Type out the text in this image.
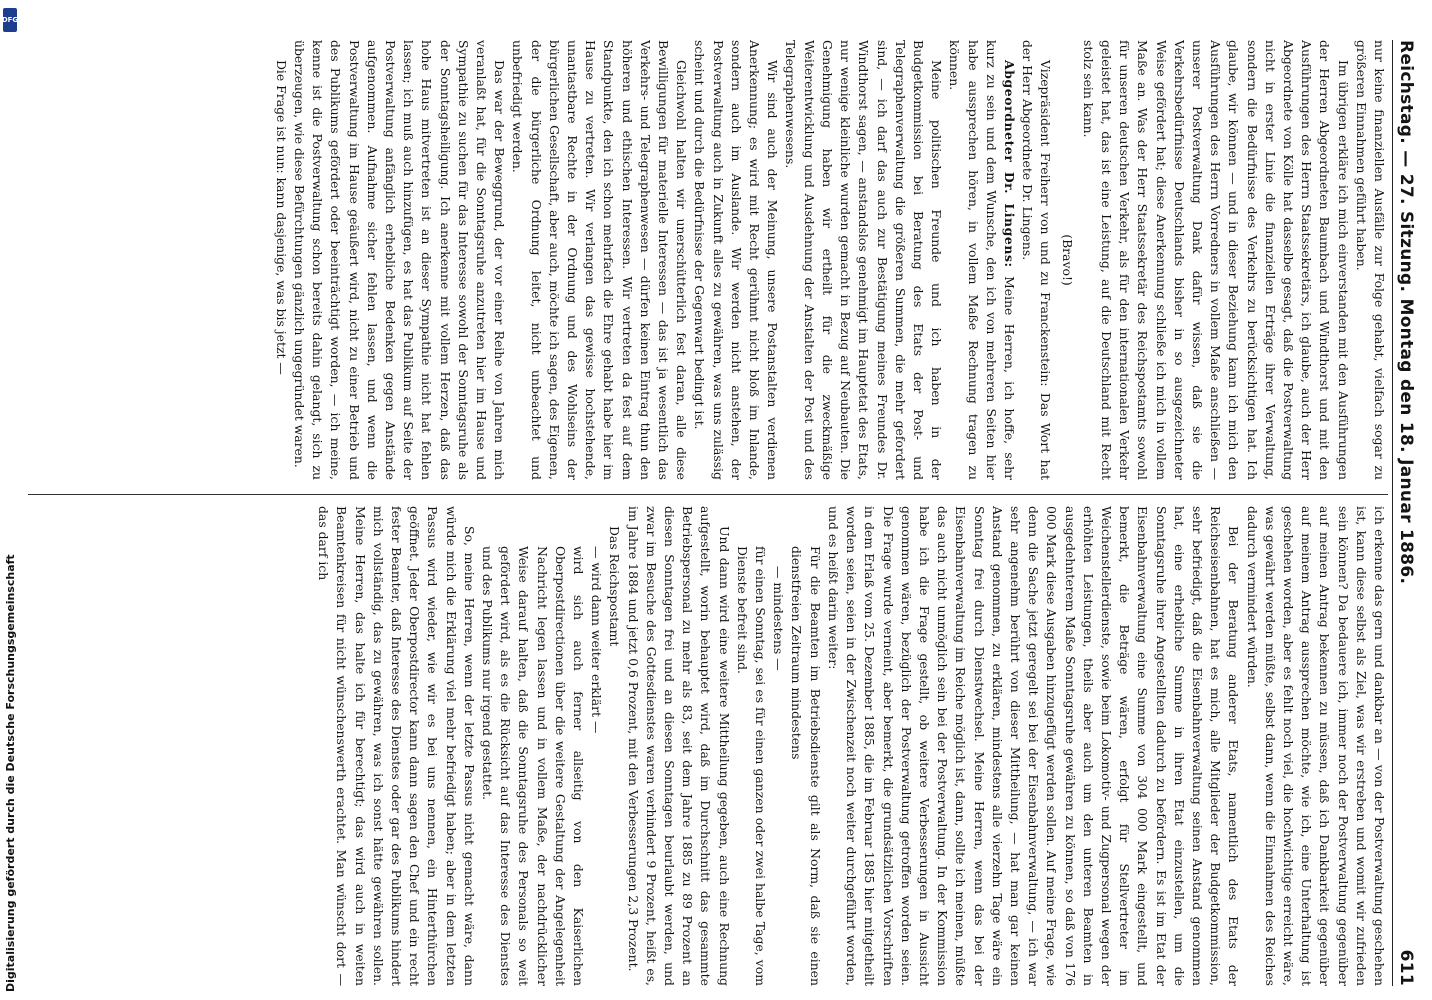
Reichstag. — 27. Sitzung. Montag den 18. Januar 1886.
611

nur keine finanziellen Ausfälle zur Folge gehabt, vielfach sogar zu größeren Einnahmen geführt haben.

Im übrigen erkläre ich mich einverstanden mit den Ausführungen der Herren Abgeordneten Baumbach und Windthorst und mit den Ausführungen des Herrn Staatssekretärs, ich glaube, auch der Herr Abgeordnete von Kölle hat dasselbe gesagt, daß die Postverwaltung nicht in erster Linie die finanziellen Erträge ihrer Verwaltung, sondern die Bedürfnisse des Verkehrs zu berücksichtigen hat. Ich glaube, wir können — und in dieser Beziehung kann ich mich den Ausführungen des Herrn Vorredners in vollem Maße anschließen — unserer Postverwaltung Dank dafür wissen, daß sie die Verkehrsbedürfnisse Deutschlands bisher in so ausgezeichneter Weise gefördert hat; diese Anerkennung schließe ich mich in vollem Maße an. Was der Herr Staatssekretär des Reichspostamts sowohl für unseren deutschen Verkehr, als für den internationalen Verkehr geleistet hat, das ist eine Leistung, auf die Deutschland mit Recht stolz sein kann.

(Bravo!)

Vizepräsident Freiherr von und zu Franckenstein: Das Wort hat der Herr Abgeordnete Dr. Lingens.

Abgeordneter Dr. Lingens: Meine Herren, ich hoffe, sehr kurz zu sein und dem Wunsche, den ich von mehreren Seiten hier habe aussprechen hören, in vollem Maße Rechnung tragen zu können.

Meine politischen Freunde und ich haben in der Budgetkommission bei Beratung des Etats der Post- und Telegraphenverwaltung die größeren Summen, die mehr gefordert sind, — ich darf das auch zur Bestätigung meines Freundes Dr. Windthorst sagen, — anstandslos genehmigt im Hauptetat des Etats, nur wenige kleinliche wurden gemacht in Bezug auf Neubauten. Die Genehmigung haben wir ertheilt für die zweckmäßige Weiterentwicklung und Ausdehnung der Anstalten der Post und des Telegraphenwesens.

Wir sind auch der Meinung, unsere Postanstalten verdienen Anerkennung; es wird mit Recht gerühmt nicht bloß im Inlande, sondern auch im Auslande. Wir werden nicht anstehen, der Postverwaltung auch in Zukunft alles zu gewähren, was uns zulässig scheint und durch die Bedürfnisse der Gegenwart bedingt ist.

Gleichwohl halten wir unerschütterlich fest daran, alle diese Bewilligungen für materielle Interessen — das ist ja wesentlich das Verkehrs- und Telegraphenwesen — dürfen keinen Eintrag thun den höheren und ethischen Interessen. Wir vertreten da fest auf dem Standpunkte, den ich schon mehrfach die Ehre gehabt habe hier im Hause zu vertreten. Wir verlangen das gewisse hochstehende, unantastbare Rechte in der Ordnung und des Wohlseins der bürgerlichen Gesellschaft, aber auch, möchte ich sagen, des Eigenen, der die bürgerliche Ordnung leitet, nicht unbeachtet und unbefriedigt werden.

Das war der Beweggrund, der vor einer Reihe von Jahren mich veranlaßt hat, für die Sonntagsruhe anzutreten hier im Hause und Sympathie zu suchen für das Interesse sowohl der Sonntagsruhe als der Sonntagsheiligung. Ich anerkenne mit vollem Herzen, daß das hohe Haus mitvertreten ist an dieser Sympathie nicht hat fehlen lassen; ich muß auch hinzufügen, es hat das Publikum auf Seite der Postverwaltung anfänglich erhebliche Bedenken gegen Anstände aufgenommen. Aufnahme sicher fehlen lassen, und wenn die Postverwaltung im Hause geäußert wird, nicht zu einer Betrieb und des Publikums gefördert oder beeinträchtigt worden, — ich meine, kenne ist die Postverwaltung schon bereits dahin gelangt, sich zu überzeugen, wie diese Befürchtungen gänzlich ungegründet waren.

Die Frage ist nun: kann dasjenige, was bis jetzt —

ich erkenne das gern und dankbar an — von der Postverwaltung geschehen ist, kann diese selbst als Ziel, was wir erstreben und womit wir zufrieden sein können? Da bedauere ich, immer noch der Postverwaltung gegenüber auf meinen Antrag bekennen zu müssen, daß ich Dankbarkeit gegenüber auf meinem Antrag aussprechen möchte, wie ich, eine Unterhaltung ist geschehen worden, aber es fehlt noch viel, die hochwichtige erreicht wäre, was gewährt werden müßte, selbst dann, wenn die Einnahmen des Reiches dadurch vermindert würden.

Bei der Beratung anderer Etats, namentlich des Etats der Reichseisenbahnen, hat es mich, alle Mitglieder der Budgetkommission, sehr befriedigt, daß die Eisenbahnverwaltung seinen Anstand genommen hat, eine erhebliche Summe in ihren Etat einzustellen, um die Sonntagsruhe ihrer Angestellten dadurch zu befördern. Es ist im Etat der Eisenbahnverwaltung eine Summe von 304 000 Mark eingestellt, und bemerkt, die Beträge wären, erfolgt für Stellvertreter im Weichenstellerdienste, sowie beim Lokomotiv- und Zugpersonal wegen der erhöhten Leistungen, theils aber auch um den unteren Beamten in ausgedehnterem Maße Sonntagsruhe gewähren zu können, so daß von 176 000 Mark diese Ausgaben hinzugefügt werden sollen. Auf meine Frage, wie denn die Sache jetzt geregelt sei bei der Eisenbahnverwaltung, — ich war sehr angenehm berührt von dieser Mittheilung, — hat man gar keinen Anstand genommen, zu erklären, mindestens alle vierzehn Tage wäre ein Sonntag frei durch Dienstwechsel. Meine Herren, wenn das bei der Eisenbahnverwaltung im Reiche möglich ist, dann, sollte ich meinen, müßte das auch nicht unmöglich sein bei der Postverwaltung. In der Kommission habe ich die Frage gestellt, ob weitere Verbesserungen in Aussicht genommen wären, bezüglich der Postverwaltung getroffen worden seien. Die Frage wurde verneint, aber bemerkt, die grundsätzlichen Vorschriften in dem Erlaß vom 25. Dezember 1885, die im Februar 1885 hier mitgetheilt worden seien, seien in der Zwischenzeit noch weiter durchgeführt worden, und es heißt darin weiter:

Für die Beamten im Betriebsdienste gilt als Norm, daß sie einen dienstfreien Zeitraum mindestens

— mindestens —

für einen Sonntag, sei es für einen ganzen oder zwei halbe Tage, vom Dienste befreit sind.

Und dann wird eine weitere Mittheilung gegeben, auch eine Rechnung aufgestellt, worin behauptet wird, daß im Durchschnitt das gesammte Betriebspersonal zu mehr als 83, seit dem Jahre 1885 zu 89 Prozent an diesen Sonntagen frei und an diesen Sonntagen beurlaubt werden, und zwar im Besuche des Gottesdienstes waren verhindert 9 Prozent, heißt es, im Jahre 1884 und jetzt 0,6 Prozent, mit den Verbesserungen 2,3 Prozent.

Das Reichspostamt

— wird dann weiter erklärt —

wird sich auch ferner allseitig von den Kaiserlichen Oberpostdirectionen über die weitere Gestaltung der Angelegenheit Nachricht legen lassen und in vollem Maße, der nachdrücklicher Weise darauf halten, daß die Sonntagsruhe des Personals so weit gefördert wird, als es die Rücksicht auf das Interesse des Dienstes und des Publikums nur irgend gestattet.

So, meine Herren, wenn der letzte Passus nicht gemacht wäre, dann würde mich die Erklärung viel mehr befriedigt haben; aber in dem letzten Passus wird wieder, wie wir es bei uns nennen, ein Hinterthürchen geöffnet. Jeder Oberpostdirector kann dann sagen den Chef und ein recht fester Beamter, daß Interesse des Dienstes oder gar des Publikums hindert mich vollständig, das zu gewähren, was ich sonst hätte gewähren sollen. Meine Herren, das halte ich für berechtigt; das wird auch in weiten Beamtenkreisen für nicht wünschenswerth erachtet. Man wünscht dort — das darf ich

DFG
Digitalisierung gefördert durch die Deutsche Forschungsgemeinschaft
